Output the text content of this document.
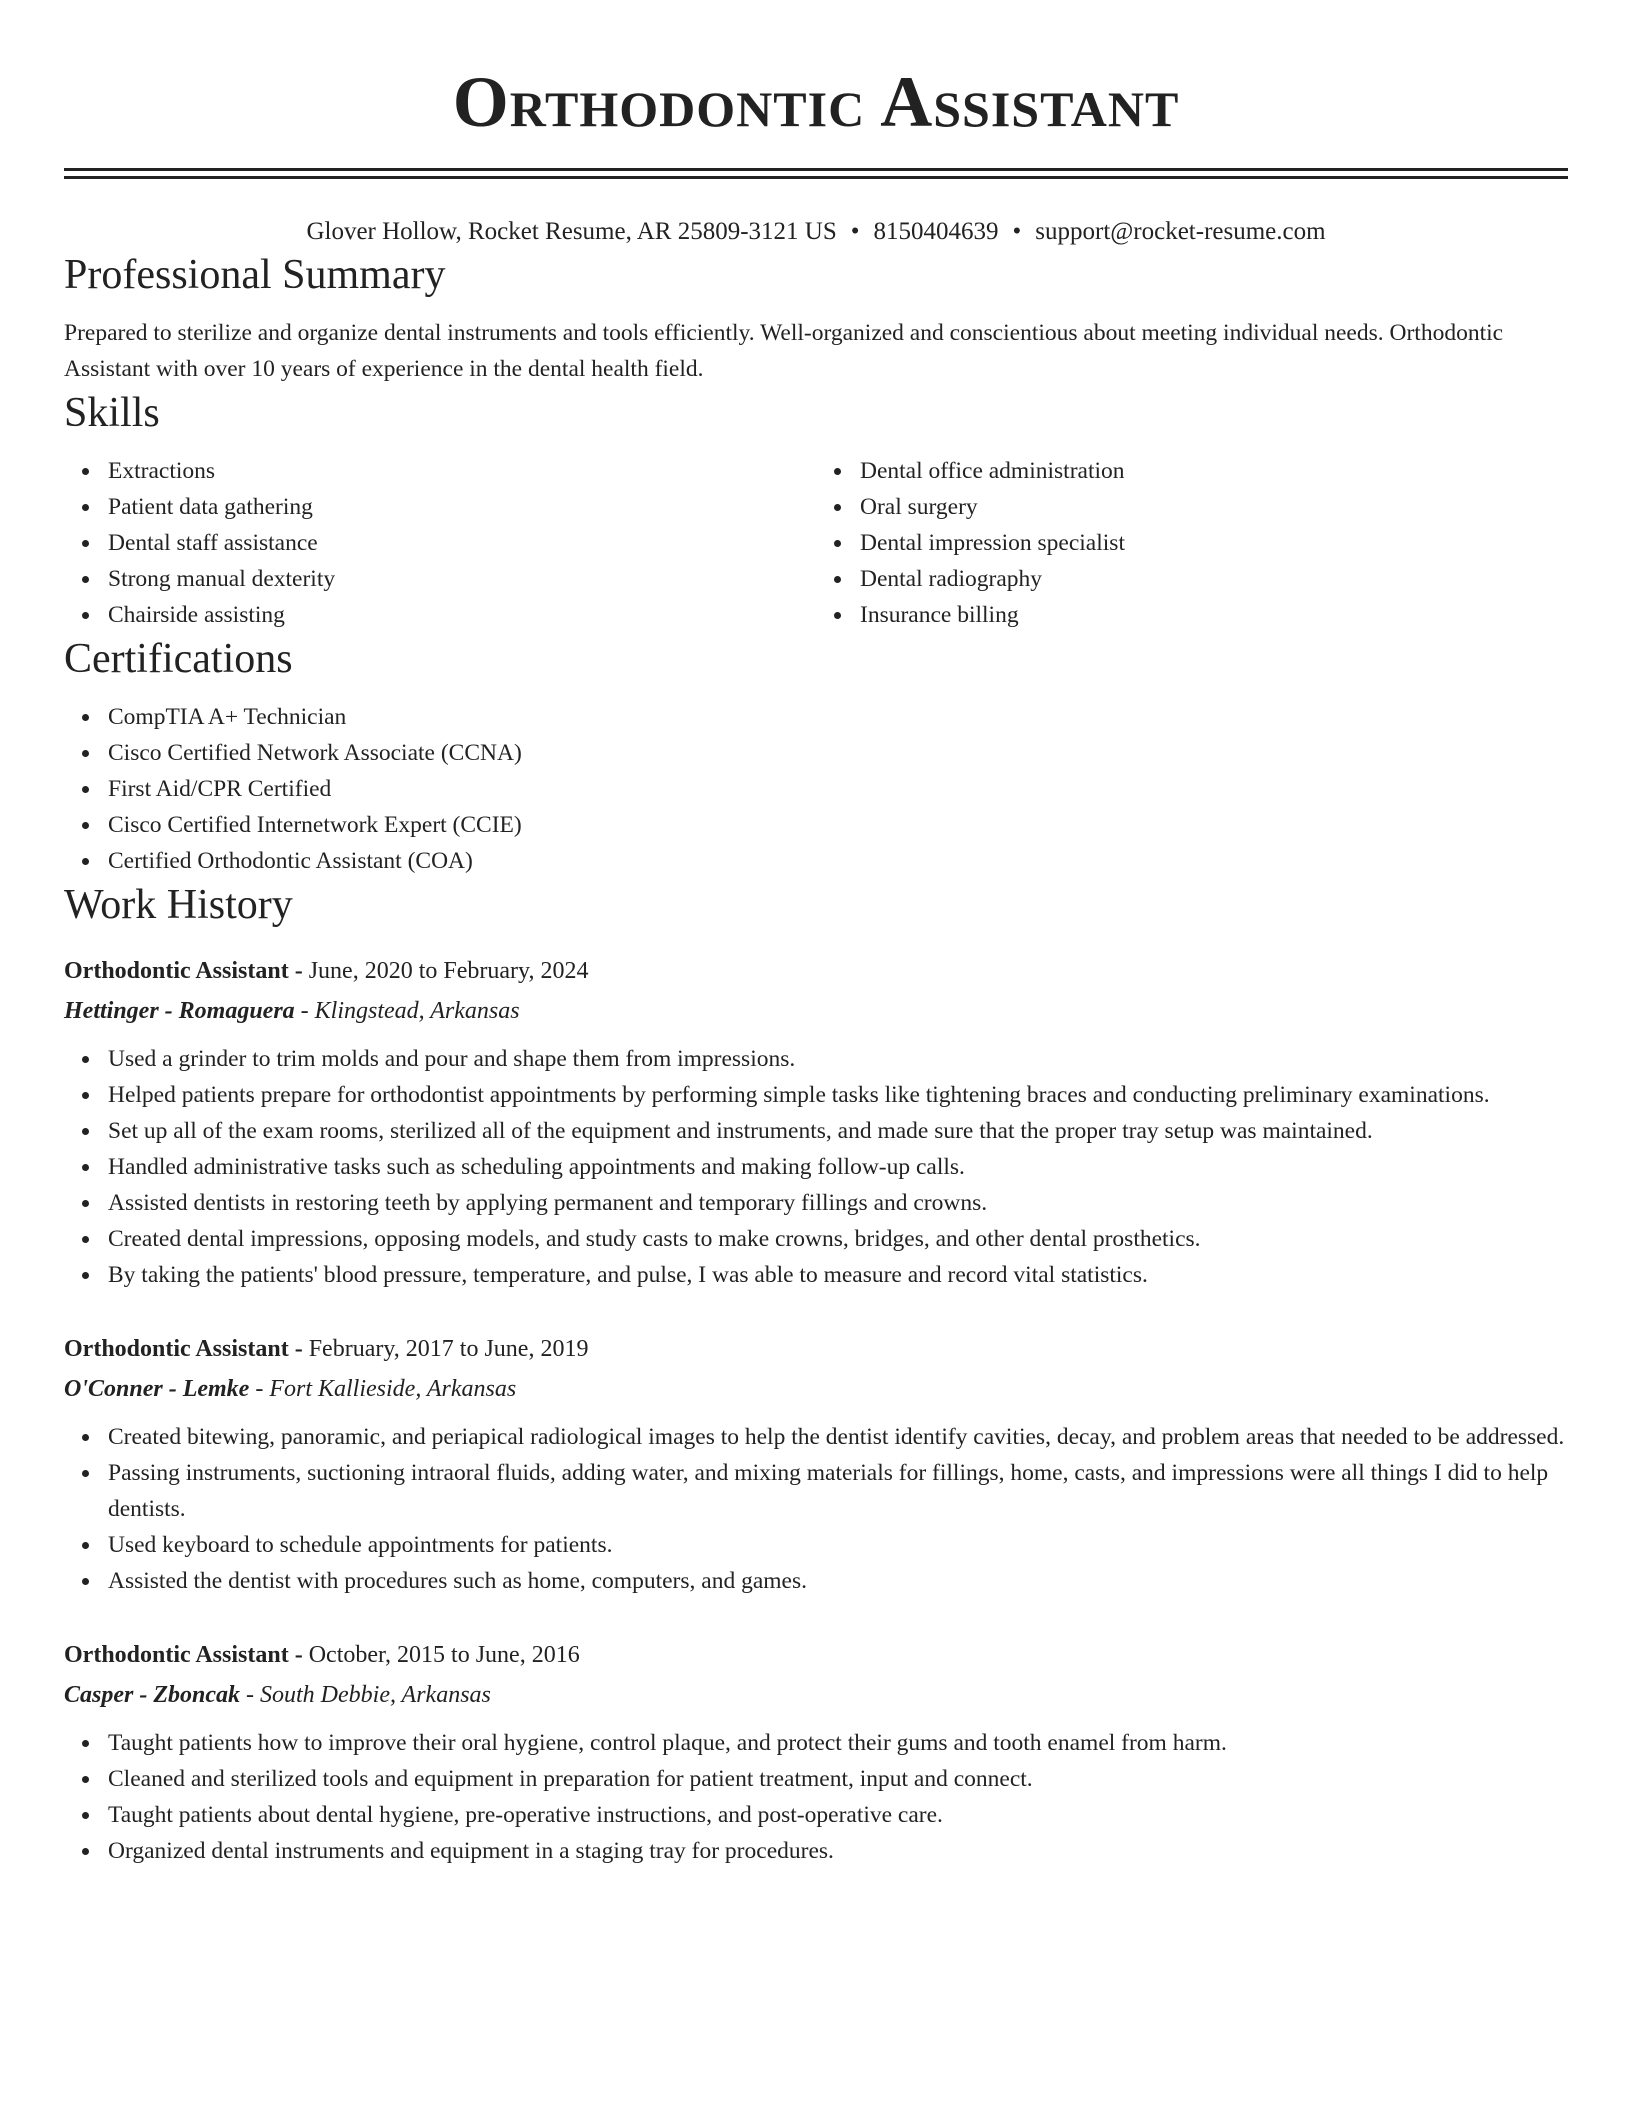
Orthodontic Assistant
Glover Hollow, Rocket Resume, AR 25809-3121 US • 8150404639 • support@rocket-resume.com
Professional Summary

Prepared to sterilize and organize dental instruments and tools efficiently. Well-organized and conscientious about meeting individual needs. Orthodontic Assistant with over 10 years of experience in the dental health field.

Skills
Extractions
Patient data gathering
Dental staff assistance
Strong manual dexterity
Chairside assisting
Dental office administration
Oral surgery
Dental impression specialist
Dental radiography
Insurance billing
Certifications
CompTIA A+ Technician
Cisco Certified Network Associate (CCNA)
First Aid/CPR Certified
Cisco Certified Internetwork Expert (CCIE)
Certified Orthodontic Assistant (COA)
Work History
Orthodontic Assistant - June, 2020 to February, 2024
Hettinger - Romaguera - Klingstead, Arkansas
Used a grinder to trim molds and pour and shape them from impressions.
Helped patients prepare for orthodontist appointments by performing simple tasks like tightening braces and conducting preliminary examinations.
Set up all of the exam rooms, sterilized all of the equipment and instruments, and made sure that the proper tray setup was maintained.
Handled administrative tasks such as scheduling appointments and making follow-up calls.
Assisted dentists in restoring teeth by applying permanent and temporary fillings and crowns.
Created dental impressions, opposing models, and study casts to make crowns, bridges, and other dental prosthetics.
By taking the patients' blood pressure, temperature, and pulse, I was able to measure and record vital statistics.
Orthodontic Assistant - February, 2017 to June, 2019
O'Conner - Lemke - Fort Kallieside, Arkansas
Created bitewing, panoramic, and periapical radiological images to help the dentist identify cavities, decay, and problem areas that needed to be addressed.
Passing instruments, suctioning intraoral fluids, adding water, and mixing materials for fillings, home, casts, and impressions were all things I did to help dentists.
Used keyboard to schedule appointments for patients.
Assisted the dentist with procedures such as home, computers, and games.
Orthodontic Assistant - October, 2015 to June, 2016
Casper - Zboncak - South Debbie, Arkansas
Taught patients how to improve their oral hygiene, control plaque, and protect their gums and tooth enamel from harm.
Cleaned and sterilized tools and equipment in preparation for patient treatment, input and connect.
Taught patients about dental hygiene, pre-operative instructions, and post-operative care.
Organized dental instruments and equipment in a staging tray for procedures.
